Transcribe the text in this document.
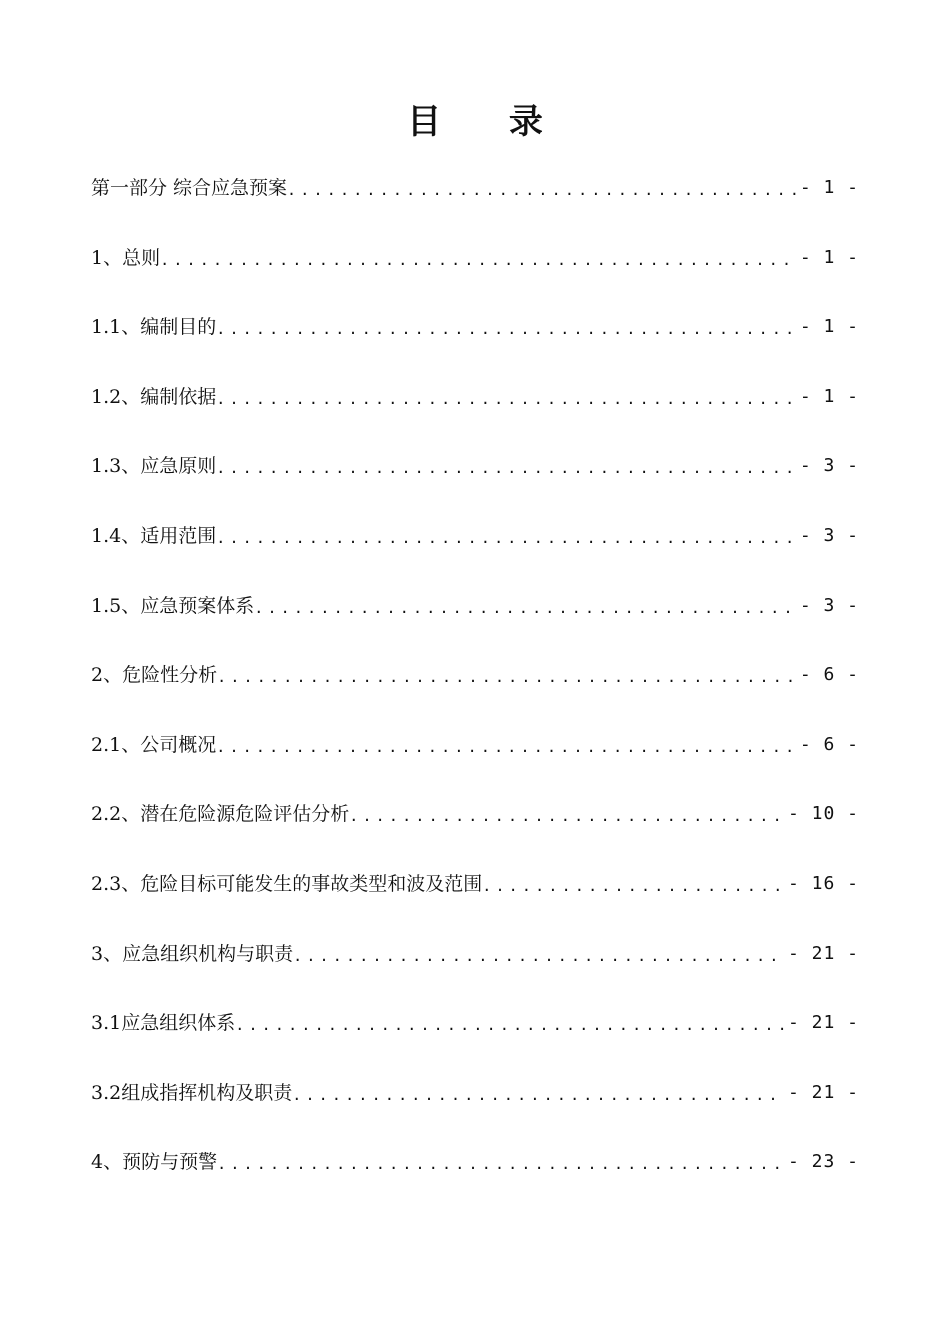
目 录
第一部分 综合应急预案 .....	- 1 -
1、总则 .....	- 1 -
1.1、编制目的 .....	- 1 -
1.2、编制依据 .....	- 1 -
1.3、应急原则 .....	- 3 -
1.4、适用范围 .....	- 3 -
1.5、应急预案体系 .....	- 3 -
2、危险性分析 .....	- 6 -
2.1、公司概况 .....	- 6 -
2.2、潜在危险源危险评估分析 .....	- 10 -
2.3、危险目标可能发生的事故类型和波及范围 .....	- 16 -
3、应急组织机构与职责 .....	- 21 -
3.1应急组织体系 .....	- 21 -
3.2组成指挥机构及职责 .....	- 21 -
4、预防与预警 .....	- 23 -
